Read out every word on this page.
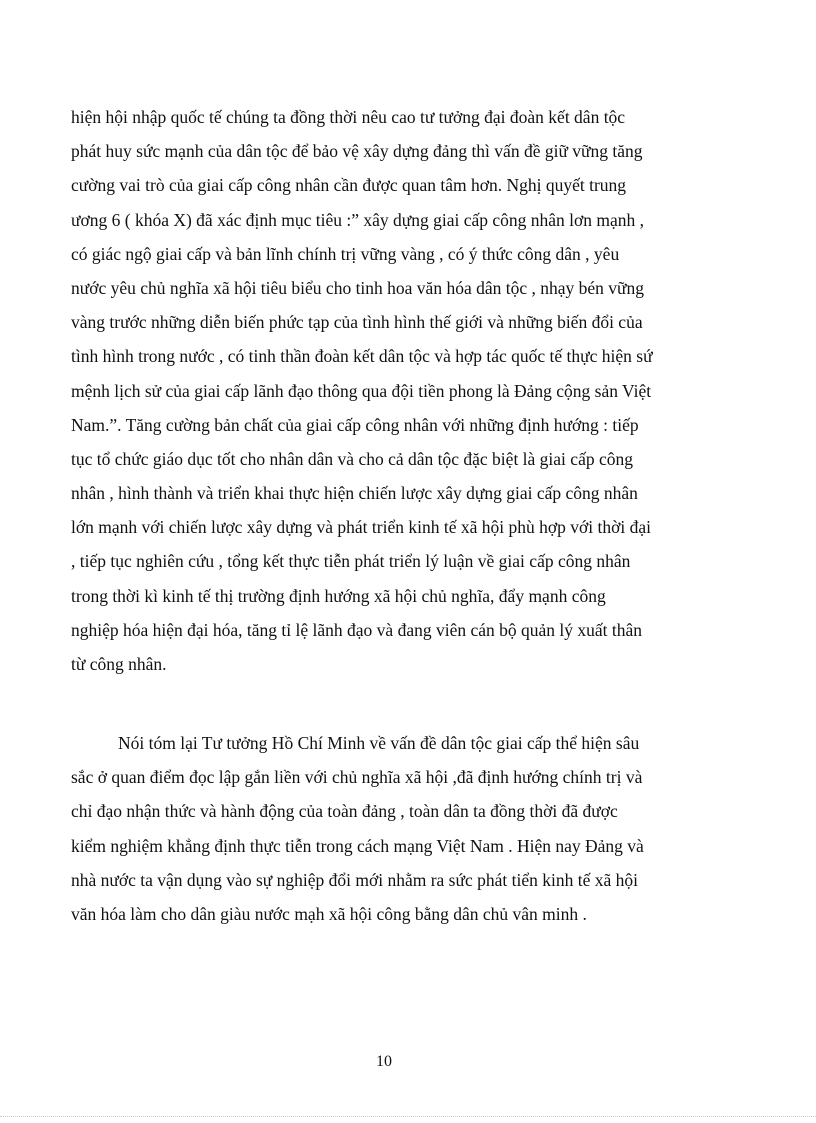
hiện hội nhập quốc tế chúng ta đồng thời nêu cao tư tưởng đại đoàn kết dân tộc
phát huy sức mạnh của dân tộc để bảo vệ xây dựng đảng thì vấn đề giữ vững tăng
cường vai trò của giai cấp công nhân cần được quan tâm hơn. Nghị quyết trung
ương 6 ( khóa X) đã xác định mục tiêu :” xây dựng giai cấp công nhân lơn mạnh ,
có giác ngộ giai cấp và bản lĩnh chính trị vững vàng , có ý thức công dân , yêu
nước yêu chủ nghĩa xã hội tiêu biểu cho tinh hoa văn hóa dân tộc , nhạy bén vững
vàng trước những diễn biến phức tạp của tình hình thế giới và những biến đổi của
tình hình trong nước , có tinh thần đoàn kết dân tộc và hợp tác quốc tế thực hiện sứ
mệnh lịch sử của giai cấp lãnh đạo thông qua đội tiền phong là Đảng cộng sản Việt
Nam.”. Tăng cường bản chất của giai cấp công nhân với những định hướng : tiếp
tục tổ chức giáo dục tốt cho nhân dân và cho cả dân tộc đặc biệt là giai cấp công
nhân , hình thành và triển khai thực hiện chiến lược xây dựng giai cấp công nhân
lớn mạnh với chiến lược xây dựng và phát triển kinh tế xã hội phù hợp với thời đại
, tiếp tục nghiên cứu , tổng kết thực tiễn phát triển lý luận về giai cấp công nhân
trong thời kì kinh tế thị trường định hướng xã hội chủ nghĩa, đẩy mạnh công
nghiệp hóa hiện đại hóa, tăng tỉ lệ lãnh đạo và đang viên cán bộ quản lý xuất thân
từ công nhân.
Nói tóm lại Tư tưởng Hồ Chí Minh về vấn đề dân tộc giai cấp thể hiện sâu
sắc ở quan điểm đọc lập gắn liền với chủ nghĩa xã hội ,đã định hướng chính trị và
chỉ đạo nhận thức và hành động của toàn đảng , toàn dân ta đồng thời đã được
kiểm nghiệm khẳng định thực tiễn trong cách mạng Việt Nam . Hiện nay Đảng và
nhà nước ta vận dụng vào sự nghiệp đổi mới nhằm ra sức phát tiển kinh tế xã hội
văn hóa làm cho dân giàu nước mạh xã hội công bằng dân chủ vân minh .
10
